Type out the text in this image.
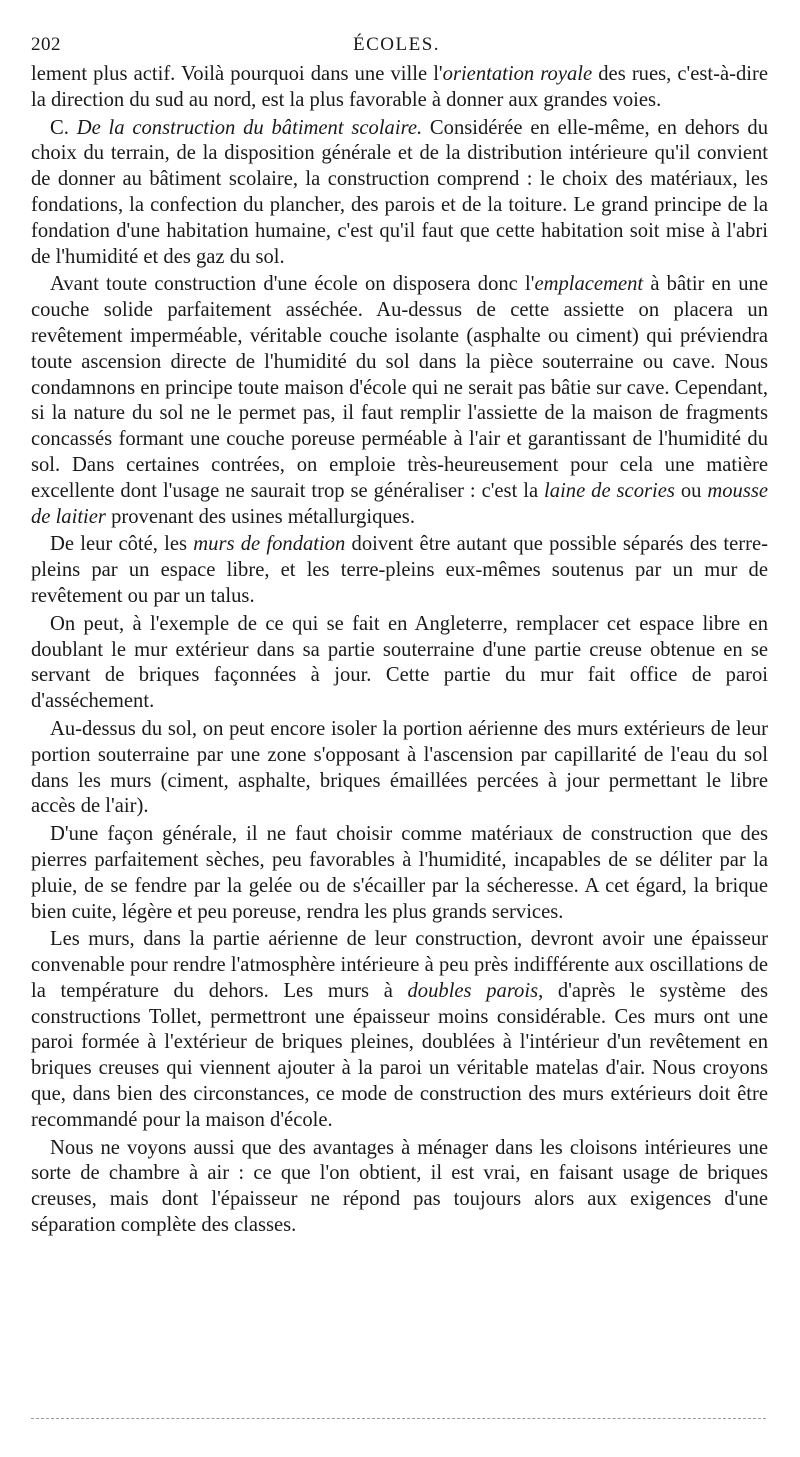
202	ÉCOLES.

lement plus actif. Voilà pourquoi dans une ville l'orientation royale des rues, c'est-à-dire la direction du sud au nord, est la plus favorable à donner aux grandes voies.

C. De la construction du bâtiment scolaire. Considérée en elle-même, en dehors du choix du terrain, de la disposition générale et de la distribution intérieure qu'il convient de donner au bâtiment scolaire, la construction comprend : le choix des matériaux, les fondations, la confection du plancher, des parois et de la toiture. Le grand principe de la fondation d'une habitation humaine, c'est qu'il faut que cette habitation soit mise à l'abri de l'humidité et des gaz du sol.

Avant toute construction d'une école on disposera donc l'emplacement à bâtir en une couche solide parfaitement asséchée. Au-dessus de cette assiette on placera un revêtement imperméable, véritable couche isolante (asphalte ou ciment) qui préviendra toute ascension directe de l'humidité du sol dans la pièce souterraine ou cave. Nous condamnons en principe toute maison d'école qui ne serait pas bâtie sur cave. Cependant, si la nature du sol ne le permet pas, il faut remplir l'assiette de la maison de fragments concassés formant une couche poreuse perméable à l'air et garantissant de l'humidité du sol. Dans certaines contrées, on emploie très-heureusement pour cela une matière excellente dont l'usage ne saurait trop se généraliser : c'est la laine de scories ou mousse de laitier provenant des usines métallurgiques.

De leur côté, les murs de fondation doivent être autant que possible séparés des terre-pleins par un espace libre, et les terre-pleins eux-mêmes soutenus par un mur de revêtement ou par un talus.

On peut, à l'exemple de ce qui se fait en Angleterre, remplacer cet espace libre en doublant le mur extérieur dans sa partie souterraine d'une partie creuse obtenue en se servant de briques façonnées à jour. Cette partie du mur fait office de paroi d'asséchement.

Au-dessus du sol, on peut encore isoler la portion aérienne des murs extérieurs de leur portion souterraine par une zone s'opposant à l'ascension par capillarité de l'eau du sol dans les murs (ciment, asphalte, briques émaillées percées à jour permettant le libre accès de l'air).

D'une façon générale, il ne faut choisir comme matériaux de construction que des pierres parfaitement sèches, peu favorables à l'humidité, incapables de se déliter par la pluie, de se fendre par la gelée ou de s'écailler par la sécheresse. A cet égard, la brique bien cuite, légère et peu poreuse, rendra les plus grands services.

Les murs, dans la partie aérienne de leur construction, devront avoir une épaisseur convenable pour rendre l'atmosphère intérieure à peu près indifférente aux oscillations de la température du dehors. Les murs à doubles parois, d'après le système des constructions Tollet, permettront une épaisseur moins considérable. Ces murs ont une paroi formée à l'extérieur de briques pleines, doublées à l'intérieur d'un revêtement en briques creuses qui viennent ajouter à la paroi un véritable matelas d'air. Nous croyons que, dans bien des circonstances, ce mode de construction des murs extérieurs doit être recommandé pour la maison d'école.

Nous ne voyons aussi que des avantages à ménager dans les cloisons intérieures une sorte de chambre à air : ce que l'on obtient, il est vrai, en faisant usage de briques creuses, mais dont l'épaisseur ne répond pas toujours alors aux exigences d'une séparation complète des classes.
